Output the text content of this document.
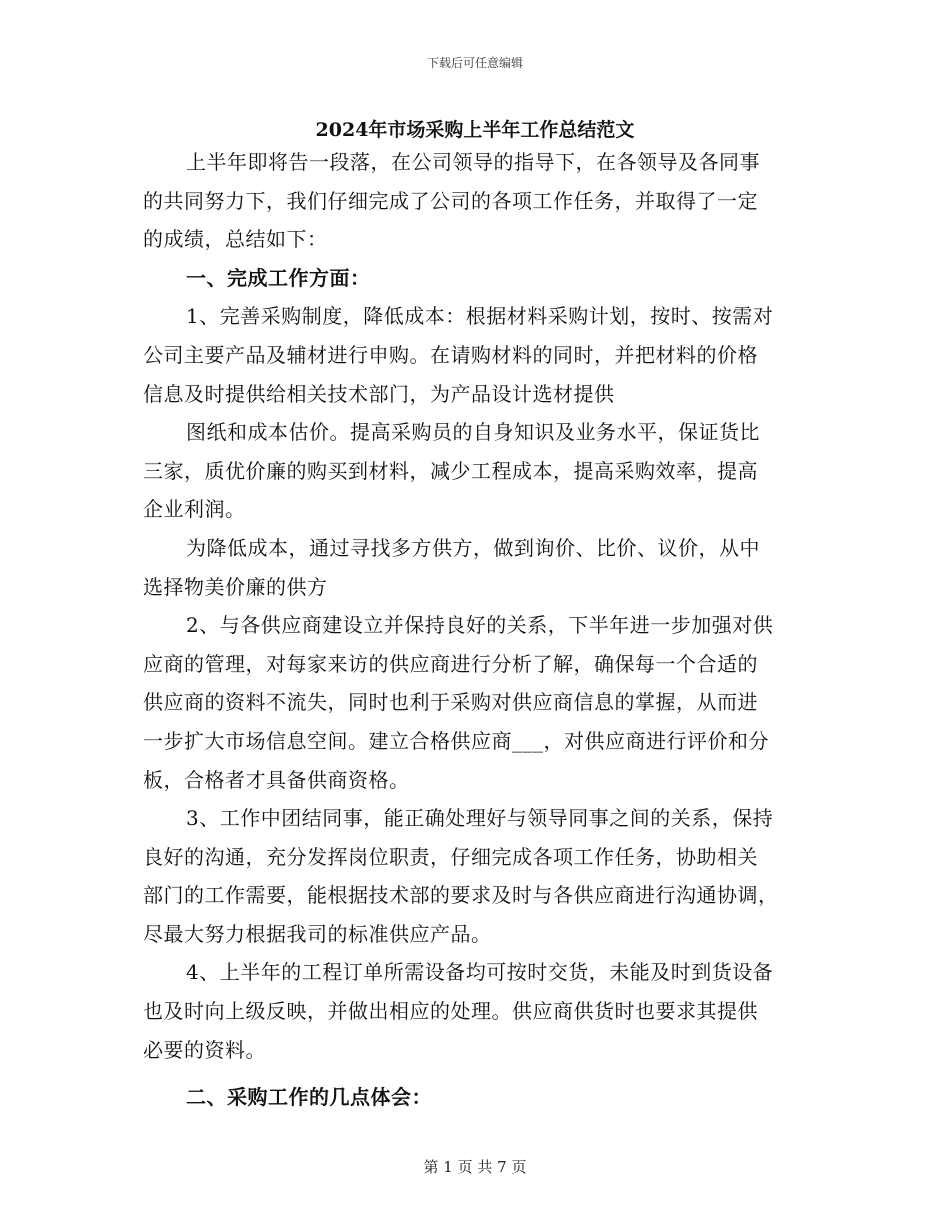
下载后可任意编辑
2024年市场采购上半年工作总结范文
上半年即将告一段落，在公司领导的指导下，在各领导及各同事
的共同努力下，我们仔细完成了公司的各项工作任务，并取得了一定
的成绩，总结如下：
一、完成工作方面：
1、完善采购制度，降低成本：根据材料采购计划，按时、按需对
公司主要产品及辅材进行申购。在请购材料的同时，并把材料的价格
信息及时提供给相关技术部门，为产品设计选材提供
图纸和成本估价。提高采购员的自身知识及业务水平，保证货比
三家，质优价廉的购买到材料，减少工程成本，提高采购效率，提高
企业利润。
为降低成本，通过寻找多方供方，做到询价、比价、议价，从中
选择物美价廉的供方
2、与各供应商建设立并保持良好的关系，下半年进一步加强对供
应商的管理，对每家来访的供应商进行分析了解，确保每一个合适的
供应商的资料不流失，同时也利于采购对供应商信息的掌握，从而进
一步扩大市场信息空间。建立合格供应商___，对供应商进行评价和分
板，合格者才具备供商资格。
3、工作中团结同事，能正确处理好与领导同事之间的关系，保持
良好的沟通，充分发挥岗位职责，仔细完成各项工作任务，协助相关
部门的工作需要，能根据技术部的要求及时与各供应商进行沟通协调，
尽最大努力根据我司的标准供应产品。
4、上半年的工程订单所需设备均可按时交货，未能及时到货设备
也及时向上级反映，并做出相应的处理。供应商供货时也要求其提供
必要的资料。
二、采购工作的几点体会：
第 1 页 共 7 页
